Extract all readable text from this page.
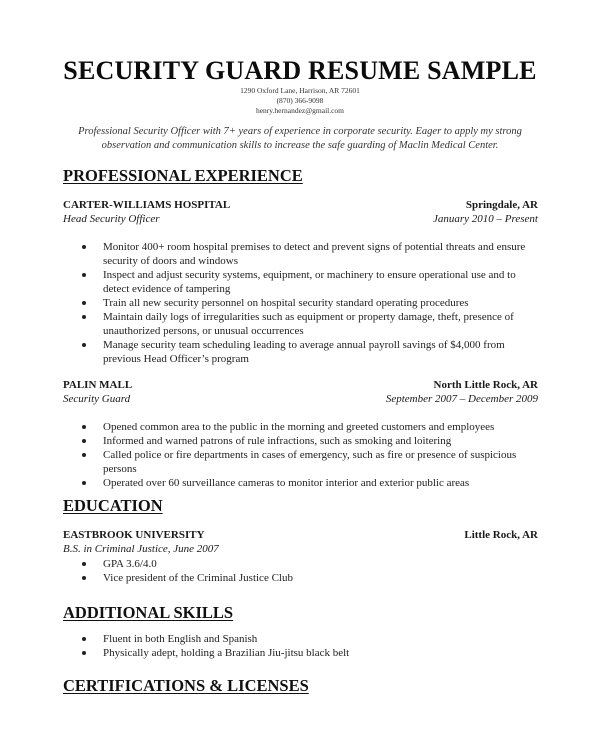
SECURITY GUARD RESUME SAMPLE
1290 Oxford Lane, Harrison, AR 72601
(870) 366-9098
henry.hernandez@gmail.com
Professional Security Officer with 7+ years of experience in corporate security. Eager to apply my strong observation and communication skills to increase the safe guarding of Maclin Medical Center.
PROFESSIONAL EXPERIENCE
CARTER-WILLIAMS HOSPITAL	Springdale, AR
Head Security Officer	January 2010 – Present
Monitor 400+ room hospital premises to detect and prevent signs of potential threats and ensure security of doors and windows
Inspect and adjust security systems, equipment, or machinery to ensure operational use and to detect evidence of tampering
Train all new security personnel on hospital security standard operating procedures
Maintain daily logs of irregularities such as equipment or property damage, theft, presence of unauthorized persons, or unusual occurrences
Manage security team scheduling leading to average annual payroll savings of $4,000 from previous Head Officer’s program
PALIN MALL	North Little Rock, AR
Security Guard	September 2007 – December 2009
Opened common area to the public in the morning and greeted customers and employees
Informed and warned patrons of rule infractions, such as smoking and loitering
Called police or fire departments in cases of emergency, such as fire or presence of suspicious persons
Operated over 60 surveillance cameras to monitor interior and exterior public areas
EDUCATION
EASTBROOK UNIVERSITY	Little Rock, AR
B.S. in Criminal Justice, June 2007
GPA 3.6/4.0
Vice president of the Criminal Justice Club
ADDITIONAL SKILLS
Fluent in both English and Spanish
Physically adept, holding a Brazilian Jiu-jitsu black belt
CERTIFICATIONS & LICENSES
